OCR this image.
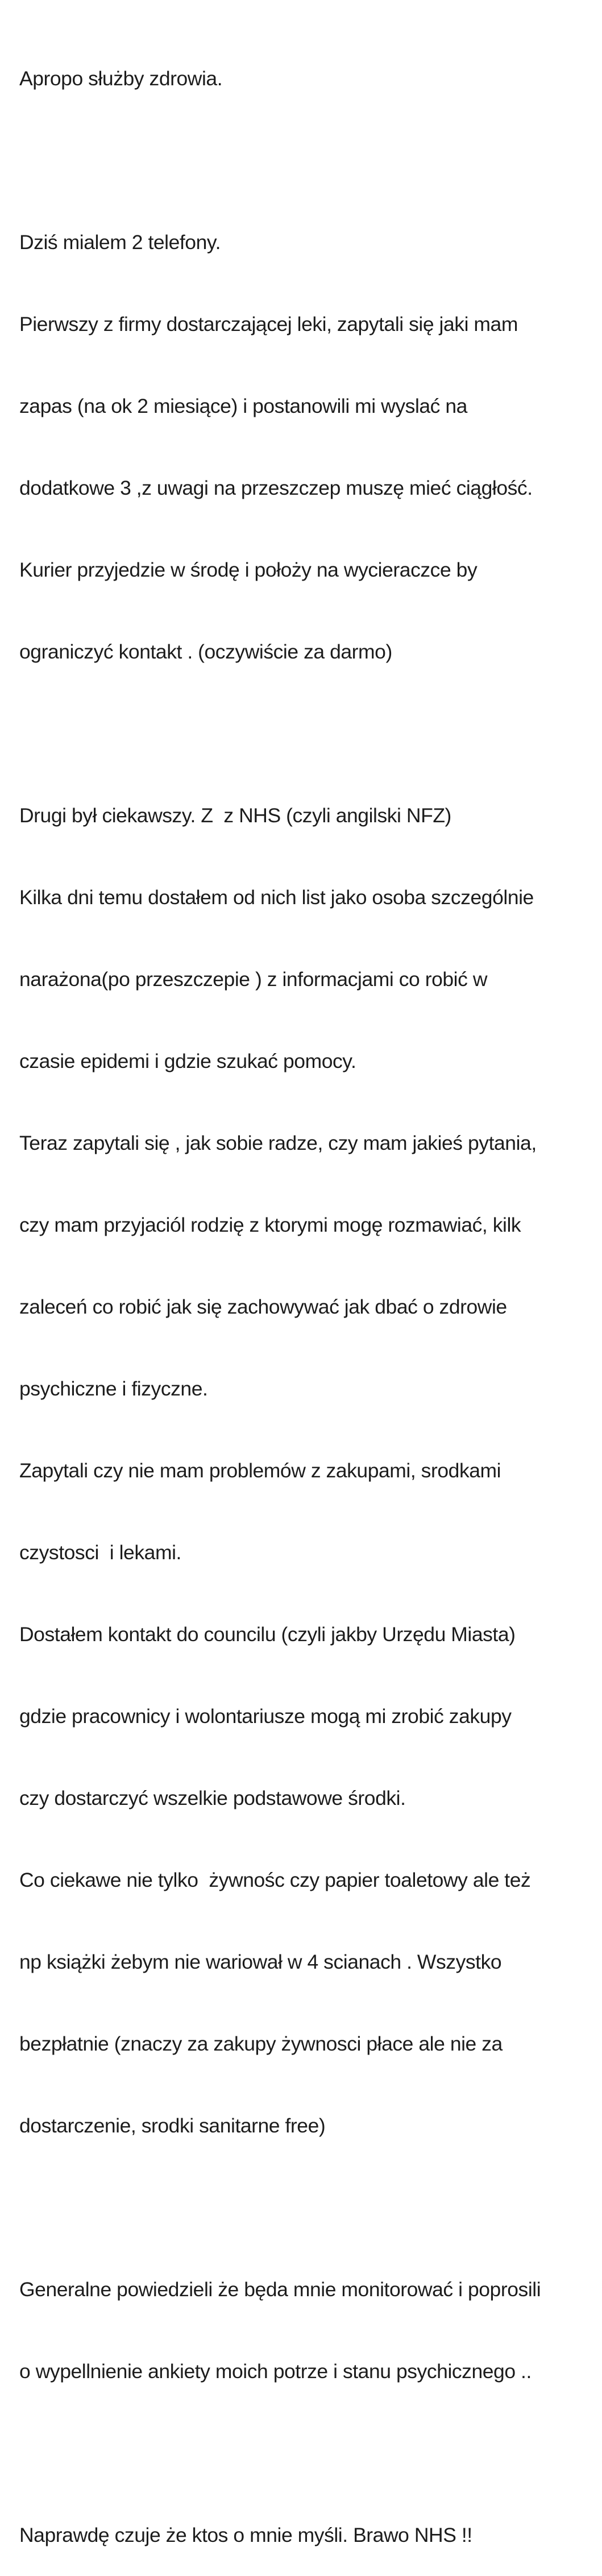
Apropo służby zdrowia.

Dziś mialem 2 telefony.

Pierwszy z firmy dostarczającej leki, zapytali się jaki mam

zapas (na ok 2 miesiące) i postanowili mi wyslać na

dodatkowe 3 ,z uwagi na przeszczep muszę mieć ciągłość.

Kurier przyjedzie w środę i położy na wycieraczce by

ograniczyć kontakt . (oczywiście za darmo)

Drugi był ciekawszy. Z  z NHS (czyli angilski NFZ)

Kilka dni temu dostałem od nich list jako osoba szczególnie

narażona(po przeszczepie ) z informacjami co robić w

czasie epidemi i gdzie szukać pomocy.

Teraz zapytali się , jak sobie radze, czy mam jakieś pytania,

czy mam przyjaciól rodzię z ktorymi mogę rozmawiać, kilk

zaleceń co robić jak się zachowywać jak dbać o zdrowie

psychiczne i fizyczne.

Zapytali czy nie mam problemów z zakupami, srodkami

czystosci  i lekami.

Dostałem kontakt do councilu (czyli jakby Urzędu Miasta)

gdzie pracownicy i wolontariusze mogą mi zrobić zakupy

czy dostarczyć wszelkie podstawowe środki.

Co ciekawe nie tylko  żywnośc czy papier toaletowy ale też

np książki żebym nie wariował w 4 scianach . Wszystko

bezpłatnie (znaczy za zakupy żywnosci płace ale nie za

dostarczenie, srodki sanitarne free)

Generalne powiedzieli że będa mnie monitorować i poprosili

o wypellnienie ankiety moich potrze i stanu psychicznego ..

Naprawdę czuje że ktos o mnie myśli. Brawo NHS !!
